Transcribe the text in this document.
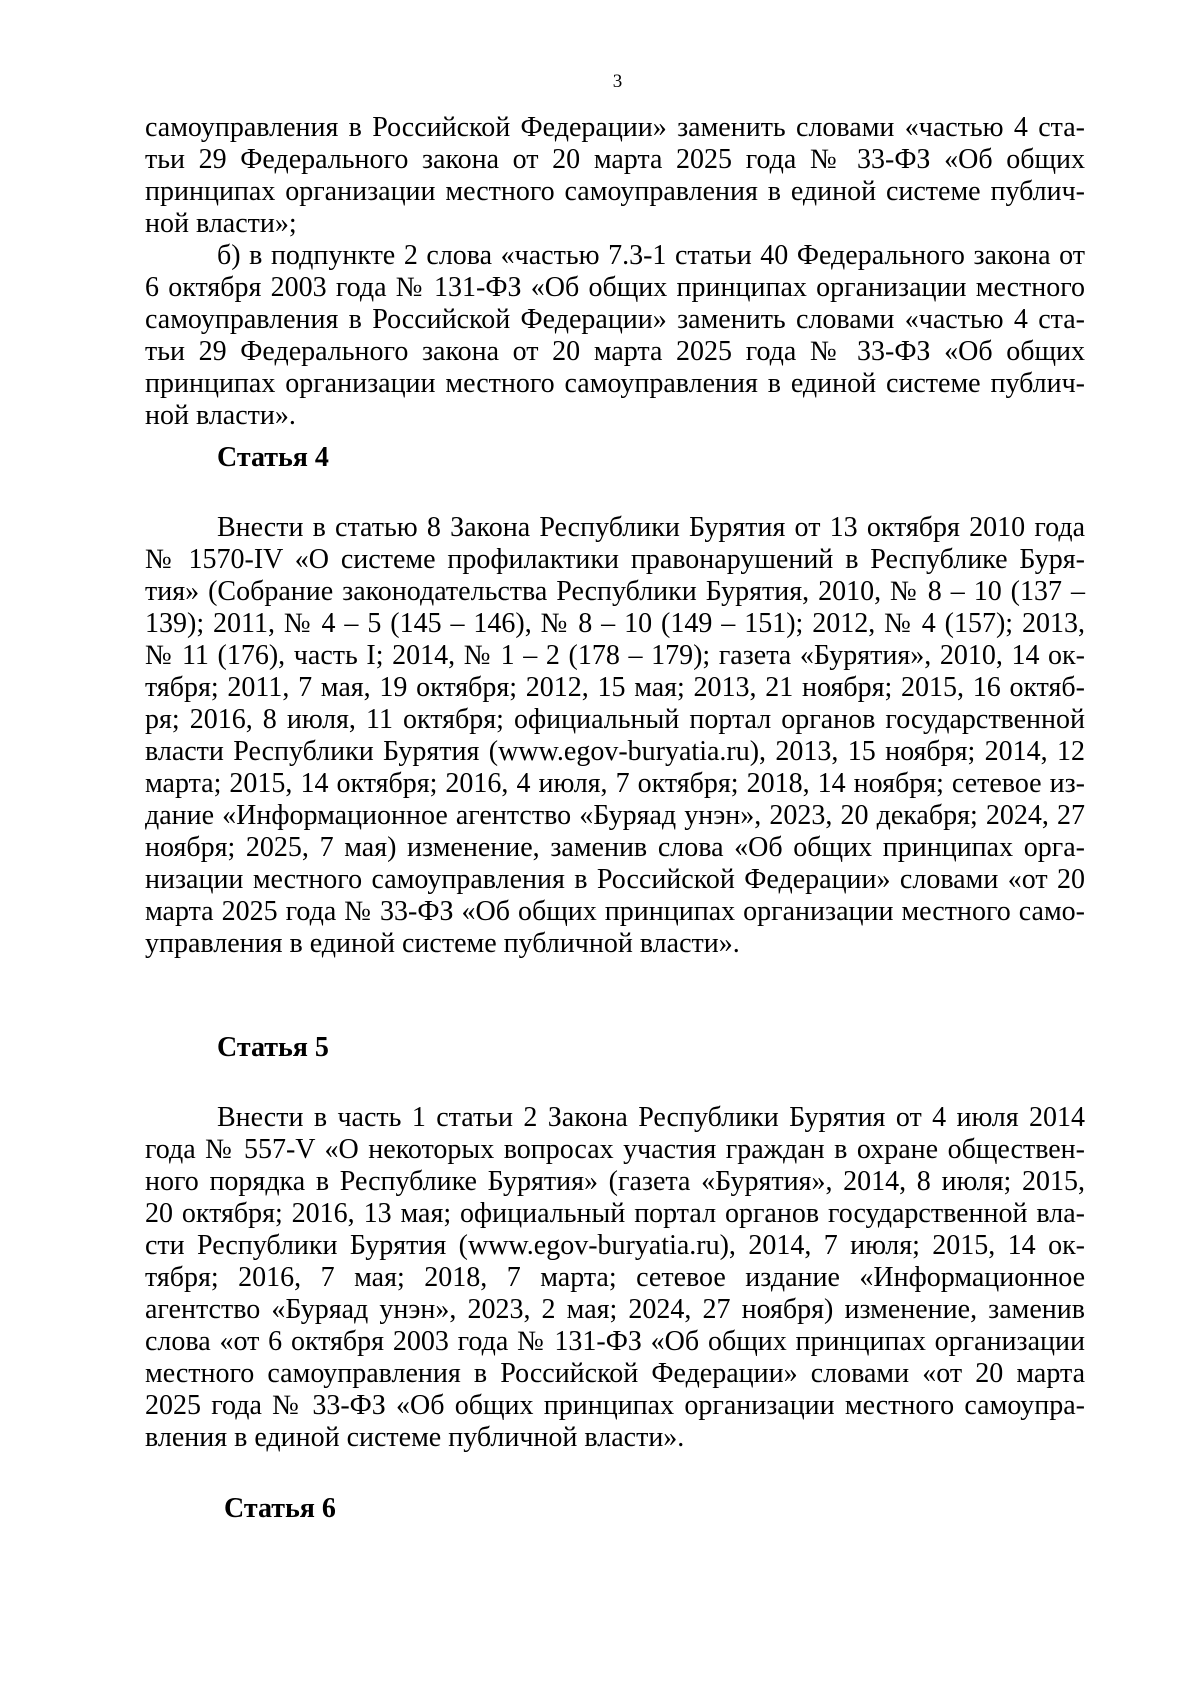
3
самоуправления в Российской Федерации» заменить словами «частью 4 ста-
тьи 29 Федерального закона от 20 марта 2025 года № 33-ФЗ «Об общих
принципах организации местного самоуправления в единой системе публич-
ной власти»;
б) в подпункте 2 слова «частью 7.3-1 статьи 40 Федерального закона от
6 октября 2003 года № 131-ФЗ «Об общих принципах организации местного
самоуправления в Российской Федерации» заменить словами «частью 4 ста-
тьи 29 Федерального закона от 20 марта 2025 года № 33-ФЗ «Об общих
принципах организации местного самоуправления в единой системе публич-
ной власти».
Статья 4
Внести в статью 8 Закона Республики Бурятия от 13 октября 2010 года
№ 1570-IV «О системе профилактики правонарушений в Республике Буря-
тия» (Собрание законодательства Республики Бурятия, 2010, № 8 – 10 (137 –
139); 2011, № 4 – 5 (145 – 146), № 8 – 10 (149 – 151); 2012, № 4 (157); 2013,
№ 11 (176), часть I; 2014, № 1 – 2 (178 – 179); газета «Бурятия», 2010, 14 ок-
тября; 2011, 7 мая, 19 октября; 2012, 15 мая; 2013, 21 ноября; 2015, 16 октяб-
ря; 2016, 8 июля, 11 октября; официальный портал органов государственной
власти Республики Бурятия (www.egov-buryatia.ru), 2013, 15 ноября; 2014, 12
марта; 2015, 14 октября; 2016, 4 июля, 7 октября; 2018, 14 ноября; сетевое из-
дание «Информационное агентство «Буряад унэн», 2023, 20 декабря; 2024, 27
ноября; 2025, 7 мая) изменение, заменив слова «Об общих принципах орга-
низации местного самоуправления в Российской Федерации» словами «от 20
марта 2025 года № 33-ФЗ «Об общих принципах организации местного само-
управления в единой системе публичной власти».
Статья 5
Внести в часть 1 статьи 2 Закона Республики Бурятия от 4 июля 2014
года № 557-V «О некоторых вопросах участия граждан в охране обществен-
ного порядка в Республике Бурятия» (газета «Бурятия», 2014, 8 июля; 2015,
20 октября; 2016, 13 мая; официальный портал органов государственной вла-
сти Республики Бурятия (www.egov-buryatia.ru), 2014, 7 июля; 2015, 14 ок-
тября; 2016, 7 мая; 2018, 7 марта; сетевое издание «Информационное
агентство «Буряад унэн», 2023, 2 мая; 2024, 27 ноября) изменение, заменив
слова «от 6 октября 2003 года № 131-ФЗ «Об общих принципах организации
местного самоуправления в Российской Федерации» словами «от 20 марта
2025 года № 33-ФЗ «Об общих принципах организации местного самоупра-
вления в единой системе публичной власти».
Статья 6
